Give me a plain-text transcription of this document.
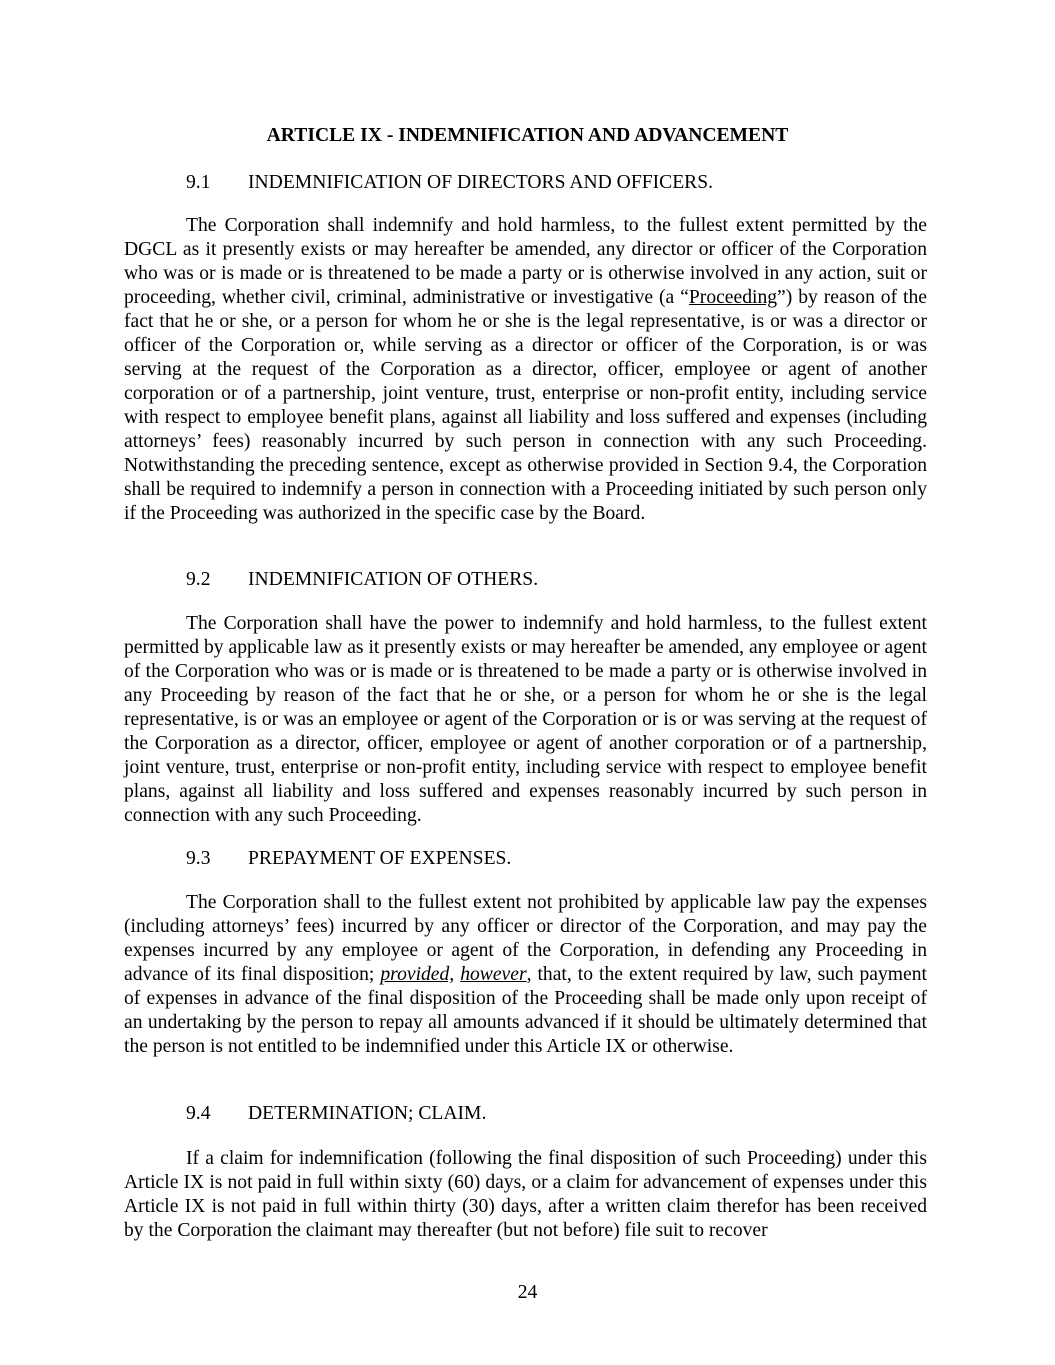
ARTICLE IX - INDEMNIFICATION AND ADVANCEMENT

9.1 INDEMNIFICATION OF DIRECTORS AND OFFICERS.

The Corporation shall indemnify and hold harmless, to the fullest extent permitted by the DGCL as it presently exists or may hereafter be amended, any director or officer of the Corporation who was or is made or is threatened to be made a party or is otherwise involved in any action, suit or proceeding, whether civil, criminal, administrative or investigative (a “Proceeding”) by reason of the fact that he or she, or a person for whom he or she is the legal representative, is or was a director or officer of the Corporation or, while serving as a director or officer of the Corporation, is or was serving at the request of the Corporation as a director, officer, employee or agent of another corporation or of a partnership, joint venture, trust, enterprise or non-profit entity, including service with respect to employee benefit plans, against all liability and loss suffered and expenses (including attorneys’ fees) reasonably incurred by such person in connection with any such Proceeding. Notwithstanding the preceding sentence, except as otherwise provided in Section 9.4, the Corporation shall be required to indemnify a person in connection with a Proceeding initiated by such person only if the Proceeding was authorized in the specific case by the Board.

9.2 INDEMNIFICATION OF OTHERS.

The Corporation shall have the power to indemnify and hold harmless, to the fullest extent permitted by applicable law as it presently exists or may hereafter be amended, any employee or agent of the Corporation who was or is made or is threatened to be made a party or is otherwise involved in any Proceeding by reason of the fact that he or she, or a person for whom he or she is the legal representative, is or was an employee or agent of the Corporation or is or was serving at the request of the Corporation as a director, officer, employee or agent of another corporation or of a partnership, joint venture, trust, enterprise or non-profit entity, including service with respect to employee benefit plans, against all liability and loss suffered and expenses reasonably incurred by such person in connection with any such Proceeding.

9.3 PREPAYMENT OF EXPENSES.

The Corporation shall to the fullest extent not prohibited by applicable law pay the expenses (including attorneys’ fees) incurred by any officer or director of the Corporation, and may pay the expenses incurred by any employee or agent of the Corporation, in defending any Proceeding in advance of its final disposition; provided, however, that, to the extent required by law, such payment of expenses in advance of the final disposition of the Proceeding shall be made only upon receipt of an undertaking by the person to repay all amounts advanced if it should be ultimately determined that the person is not entitled to be indemnified under this Article IX or otherwise.

9.4 DETERMINATION; CLAIM.

If a claim for indemnification (following the final disposition of such Proceeding) under this Article IX is not paid in full within sixty (60) days, or a claim for advancement of expenses under this Article IX is not paid in full within thirty (30) days, after a written claim therefor has been received by the Corporation the claimant may thereafter (but not before) file suit to recover

24
